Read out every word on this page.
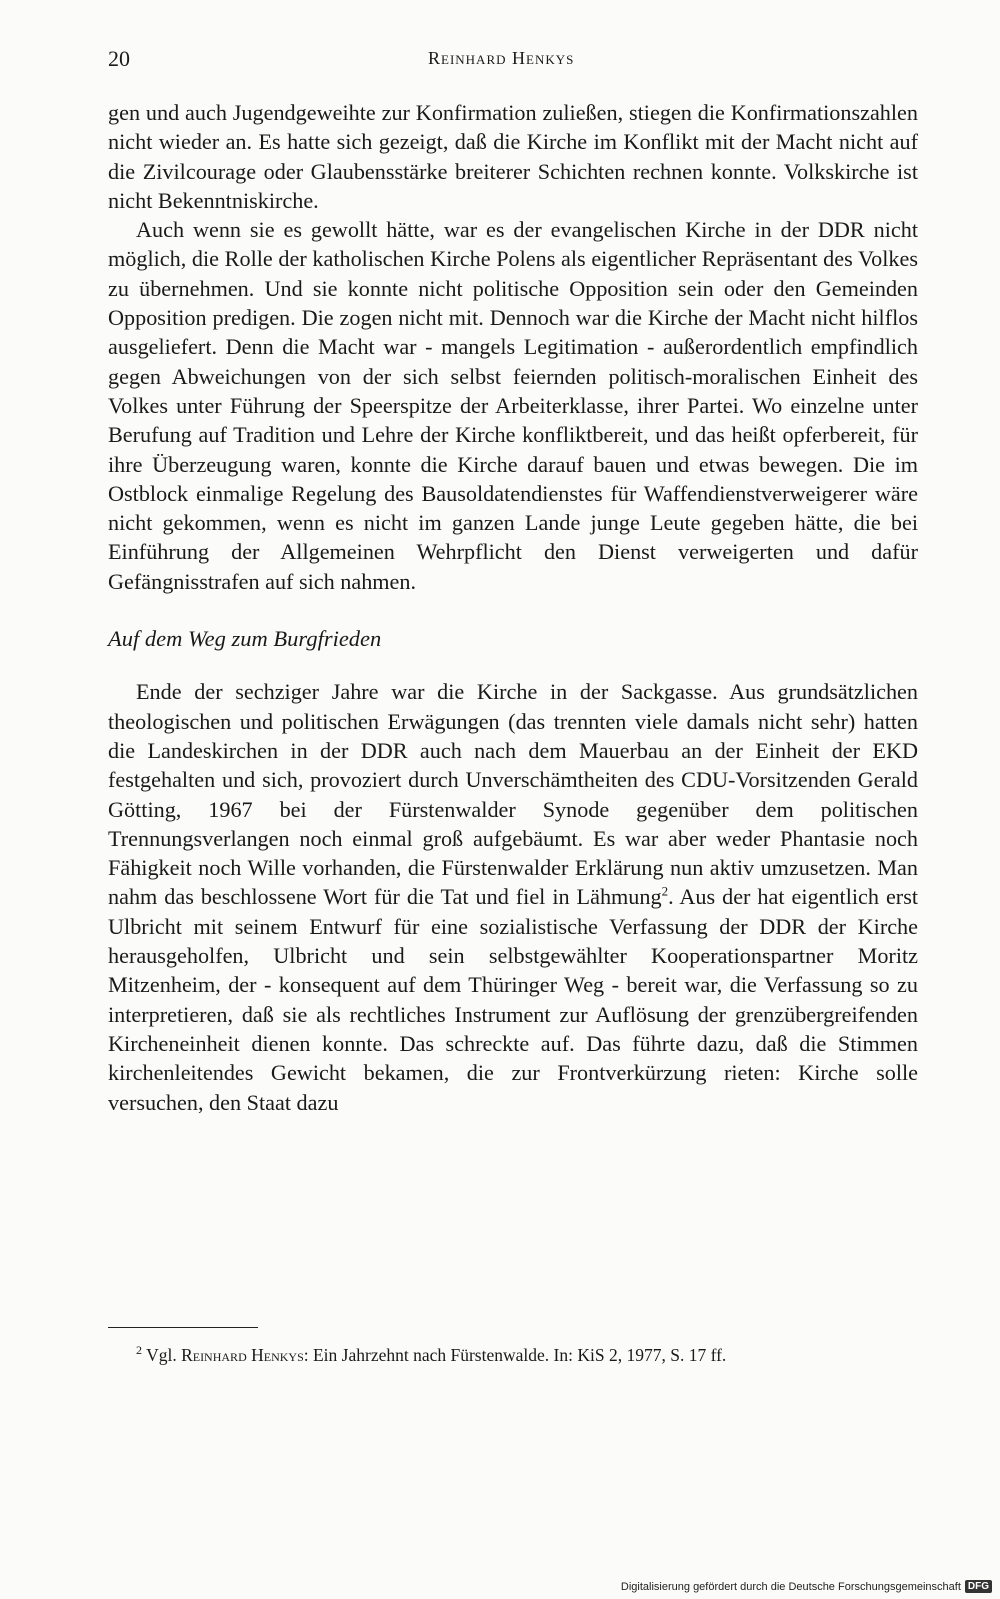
20	Reinhard Henkys

gen und auch Jugendgeweihte zur Konfirmation zuließen, stiegen die Konfirmationszahlen nicht wieder an. Es hatte sich gezeigt, daß die Kirche im Konflikt mit der Macht nicht auf die Zivilcourage oder Glaubensstärke breiterer Schichten rechnen konnte. Volkskirche ist nicht Bekenntniskirche.

Auch wenn sie es gewollt hätte, war es der evangelischen Kirche in der DDR nicht möglich, die Rolle der katholischen Kirche Polens als eigentlicher Repräsentant des Volkes zu übernehmen. Und sie konnte nicht politische Opposition sein oder den Gemeinden Opposition predigen. Die zogen nicht mit. Dennoch war die Kirche der Macht nicht hilflos ausgeliefert. Denn die Macht war - mangels Legitimation - außerordentlich empfindlich gegen Abweichungen von der sich selbst feiernden politisch-moralischen Einheit des Volkes unter Führung der Speerspitze der Arbeiterklasse, ihrer Partei. Wo einzelne unter Berufung auf Tradition und Lehre der Kirche konfliktbereit, und das heißt opferbereit, für ihre Überzeugung waren, konnte die Kirche darauf bauen und etwas bewegen. Die im Ostblock einmalige Regelung des Bausoldatendienstes für Waffendienstverweigerer wäre nicht gekommen, wenn es nicht im ganzen Lande junge Leute gegeben hätte, die bei Einführung der Allgemeinen Wehrpflicht den Dienst verweigerten und dafür Gefängnisstrafen auf sich nahmen.

Auf dem Weg zum Burgfrieden

Ende der sechziger Jahre war die Kirche in der Sackgasse. Aus grundsätzlichen theologischen und politischen Erwägungen (das trennten viele damals nicht sehr) hatten die Landeskirchen in der DDR auch nach dem Mauerbau an der Einheit der EKD festgehalten und sich, provoziert durch Unverschämtheiten des CDU-Vorsitzenden Gerald Götting, 1967 bei der Fürstenwalder Synode gegenüber dem politischen Trennungsverlangen noch einmal groß aufgebäumt. Es war aber weder Phantasie noch Fähigkeit noch Wille vorhanden, die Fürstenwalder Erklärung nun aktiv umzusetzen. Man nahm das beschlossene Wort für die Tat und fiel in Lähmung$^2$. Aus der hat eigentlich erst Ulbricht mit seinem Entwurf für eine sozialistische Verfassung der DDR der Kirche herausgeholfen, Ulbricht und sein selbstgewählter Kooperationspartner Moritz Mitzenheim, der - konsequent auf dem Thüringer Weg - bereit war, die Verfassung so zu interpretieren, daß sie als rechtliches Instrument zur Auflösung der grenzübergreifenden Kircheneinheit dienen konnte. Das schreckte auf. Das führte dazu, daß die Stimmen kirchenleitendes Gewicht bekamen, die zur Frontverkürzung rieten: Kirche solle versuchen, den Staat dazu

$^2$ Vgl. Reinhard Henkys: Ein Jahrzehnt nach Fürstenwalde. In: KiS 2, 1977, S. 17 ff.
Digitalisierung gefördert durch die Deutsche Forschungsgemeinschaft DFG
